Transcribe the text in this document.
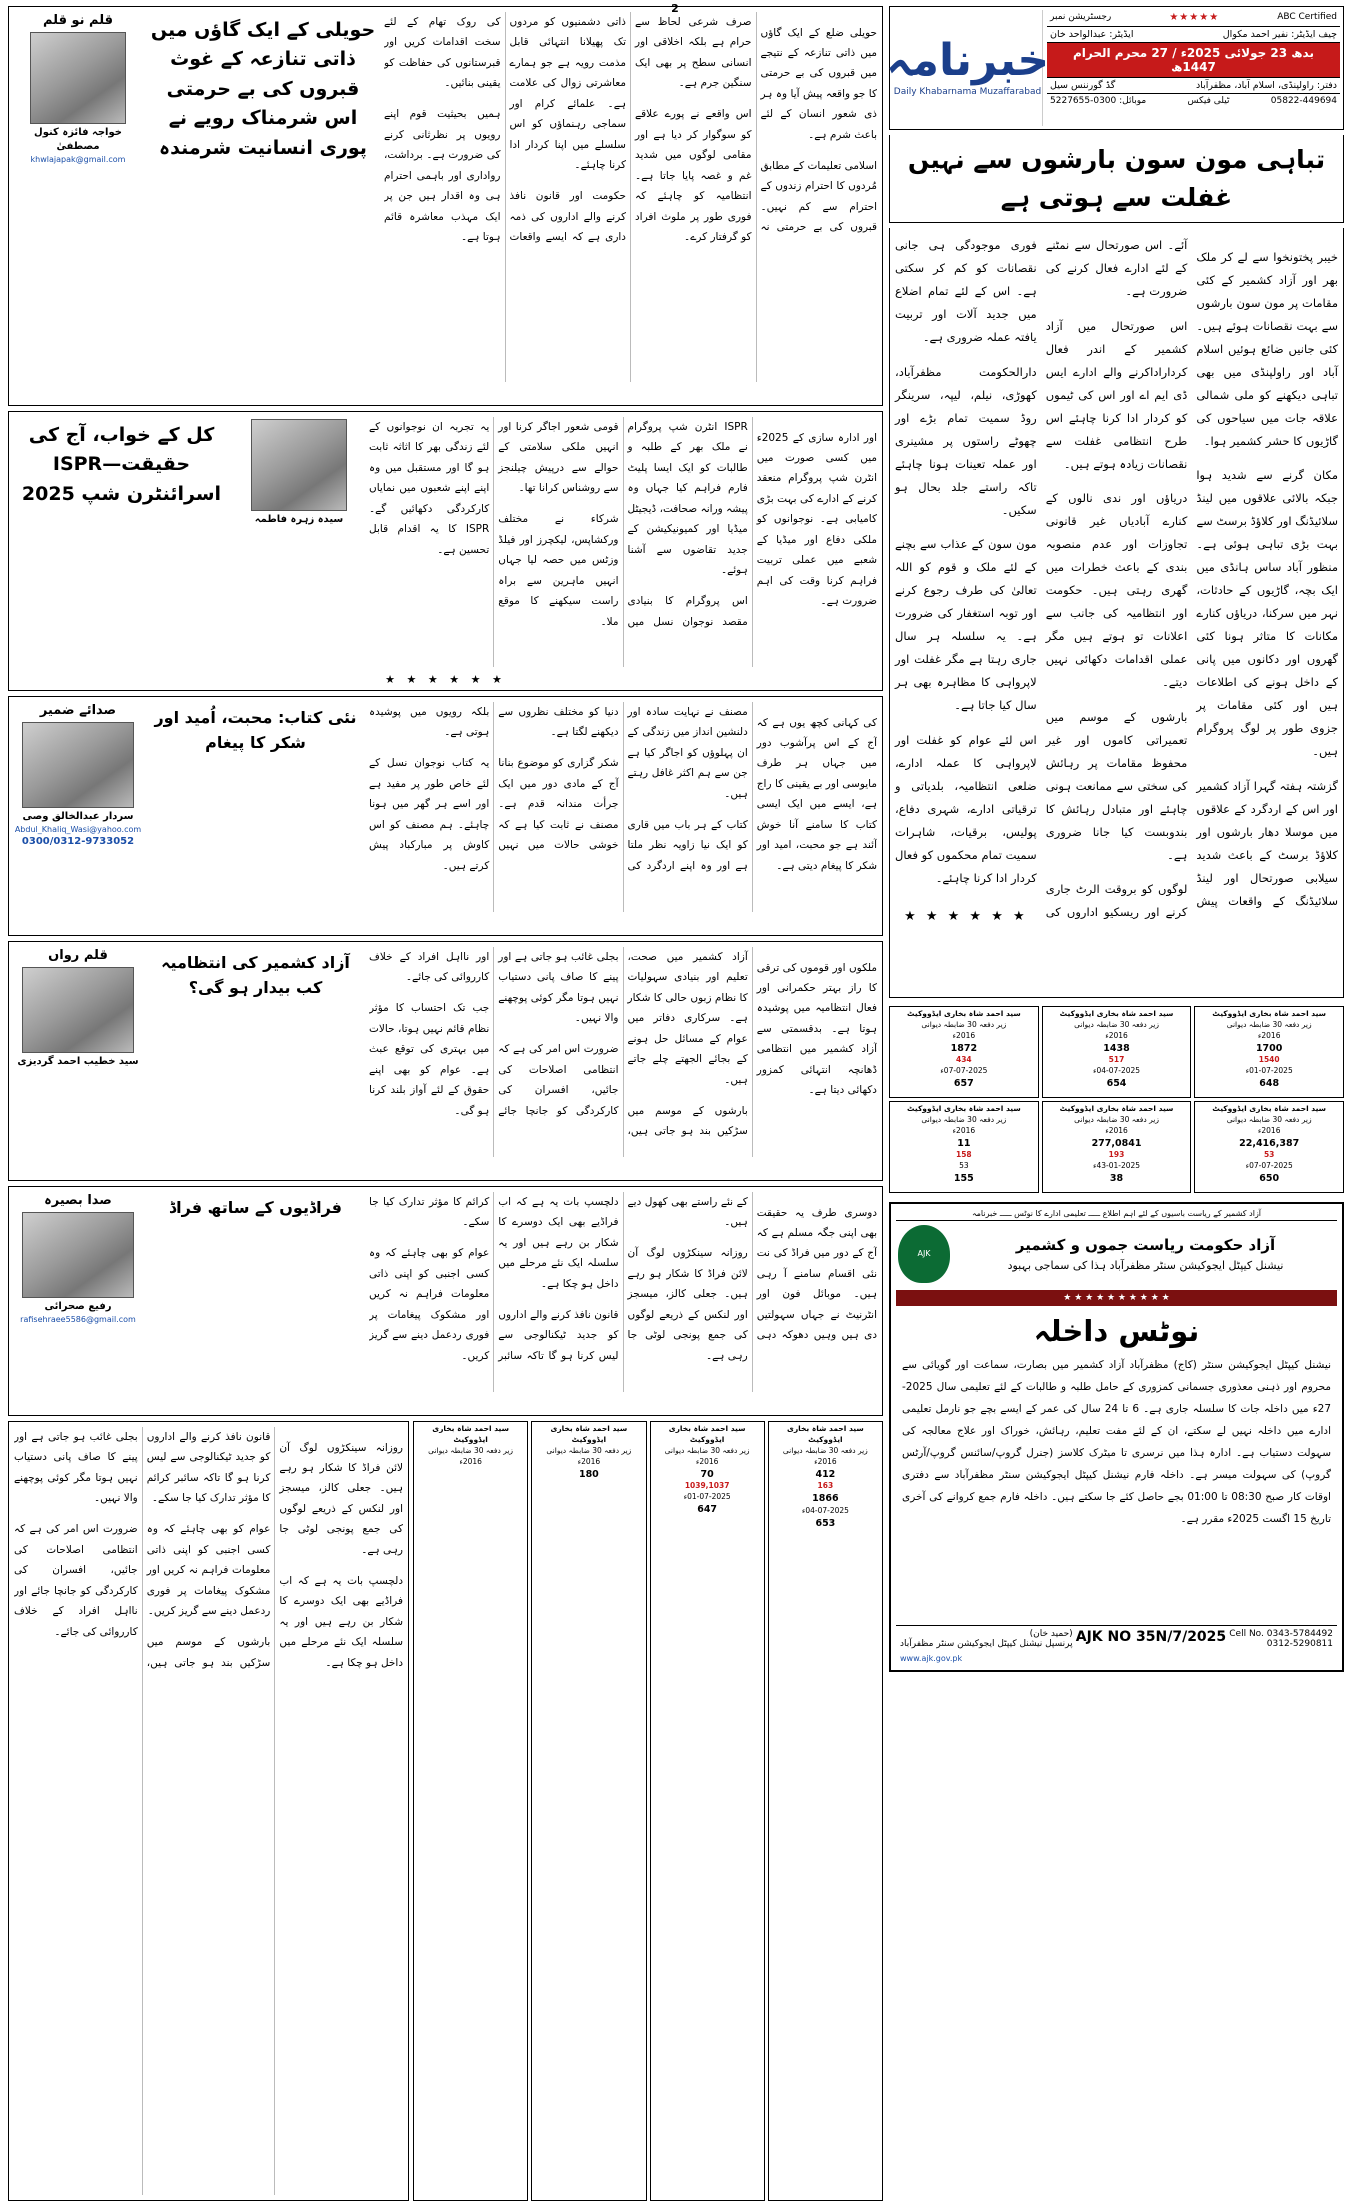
2
ABC Certified
★★★★★
رجسٹریشن نمبر
چیف ایڈیٹر: نفیر احمد مکوال
ایڈیٹر: عبدالواحد خان
بدھ 23 جولائی 2025ء / 27 محرم الحرام 1447ھ
دفتر: راولپنڈی، اسلام آباد، مظفرآباد
گڈ گورننس سیل
05822-449694
ٹیلی فیکس
موبائل: 0300-5227655
خبرنامہ
Daily Khabarnama Muzaffarabad
تباہی مون سون بارشوں سے نہیں غفلت سے ہوتی ہے

خیبر پختونخوا سے لے کر ملک بھر اور آزاد کشمیر کے کئی مقامات پر مون سون بارشوں سے بہت نقصانات ہوئے ہیں۔ کئی جانیں ضائع ہوئیں اسلام آباد اور راولپنڈی میں بھی تباہی دیکھنے کو ملی شمالی علاقہ جات میں سیاحوں کی گاڑیوں کا حشر کشمیر ہوا۔

مکان گرنے سے شدید ہوا جبکہ بالائی علاقوں میں لینڈ سلائیڈنگ اور کلاؤڈ برسٹ سے بہت بڑی تباہی ہوئی ہے۔ منظور آباد ساس ہانڈی میں ایک بچہ، گاڑیوں کے حادثات، نہر میں سرکنا، دریاؤں کنارے مکانات کا متاثر ہونا کئی گھروں اور دکانوں میں پانی کے داخل ہونے کی اطلاعات ہیں اور کئی مقامات پر جزوی طور پر لوگ پروگرام ہیں۔

گزشتہ ہفتہ گہرا آزاد کشمیر اور اس کے اردگرد کے علاقوں میں موسلا دھار بارشوں اور کلاؤڈ برسٹ کے باعث شدید سیلابی صورتحال اور لینڈ سلائیڈنگ کے واقعات پیش آئے۔ اس صورتحال سے نمٹنے کے لئے ادارے فعال کرنے کی ضرورت ہے۔

اس صورتحال میں آزاد کشمیر کے اندر فعال کرداراداکرنے والے ادارے ایس ڈی ایم اے اور اس کی ٹیموں کو کردار ادا کرنا چاہئے اس طرح انتظامی غفلت سے نقصانات زیادہ ہوتے ہیں۔

دریاؤں اور ندی نالوں کے کنارے آبادیاں غیر قانونی تجاوزات اور عدم منصوبہ بندی کے باعث خطرات میں گھری رہتی ہیں۔ حکومت اور انتظامیہ کی جانب سے اعلانات تو ہوتے ہیں مگر عملی اقدامات دکھائی نہیں دیتے۔

بارشوں کے موسم میں تعمیراتی کاموں اور غیر محفوظ مقامات پر رہائش کی سختی سے ممانعت ہونی چاہئے اور متبادل رہائش کا بندوبست کیا جانا ضروری ہے۔

لوگوں کو بروقت الرٹ جاری کرنے اور ریسکیو اداروں کی فوری موجودگی ہی جانی نقصانات کو کم کر سکتی ہے۔ اس کے لئے تمام اضلاع میں جدید آلات اور تربیت یافتہ عملہ ضروری ہے۔

دارالحکومت مظفرآباد، کھوڑی، نیلم، لیپہ، سرینگر روڈ سمیت تمام بڑے اور چھوٹے راستوں پر مشینری اور عملہ تعینات ہونا چاہئے تاکہ راستے جلد بحال ہو سکیں۔

مون سون کے عذاب سے بچنے کے لئے ملک و قوم کو اللہ تعالیٰ کی طرف رجوع کرنے اور توبہ استغفار کی ضرورت ہے۔ یہ سلسلہ ہر سال جاری رہتا ہے مگر غفلت اور لاپرواہی کا مظاہرہ بھی ہر سال کیا جاتا ہے۔

اس لئے عوام کو غفلت اور لاپرواہی کا عملہ ادارے، ضلعی انتظامیہ، بلدیاتی و ترقیاتی ادارے، شہری دفاع، پولیس، برقیات، شاہرات سمیت تمام محکموں کو فعال کردار ادا کرنا چاہئے۔

★ ★ ★ ★ ★ ★
سید احمد شاہ بخاری ایڈووکیٹ
زیر دفعہ 30 ضابطہ دیوانی
2016ء
1700
1540
01-07-2025ء
648
سید احمد شاہ بخاری ایڈووکیٹ
زیر دفعہ 30 ضابطہ دیوانی
2016ء
1438
517
04-07-2025ء
654
سید احمد شاہ بخاری ایڈووکیٹ
زیر دفعہ 30 ضابطہ دیوانی
2016ء
1872
434
07-07-2025ء
657
سید احمد شاہ بخاری ایڈووکیٹ
زیر دفعہ 30 ضابطہ دیوانی
2016ء
22,416,387
53
07-07-2025ء
650
سید احمد شاہ بخاری ایڈووکیٹ
زیر دفعہ 30 ضابطہ دیوانی
2016ء
277,0841
193
43-01-2025ء
38
سید احمد شاہ بخاری ایڈووکیٹ
زیر دفعہ 30 ضابطہ دیوانی
2016ء
11
158
53
155
آزاد کشمیر کے ریاست باسیوں کے لئے اہم اطلاع ـــــ تعلیمی ادارے کا نوٹس ـــــ خبرنامہ
آزاد حکومت ریاست جموں و کشمیر
نیشنل کیپٹل ایجوکیشن سنٹر مظفرآباد ہذا کی سماجی بہبود
AJK
★ ★ ★ ★ ★ ★ ★ ★ ★ ★
نوٹس داخلہ
نیشنل کیپٹل ایجوکیشن سنٹر (کاج) مظفرآباد آزاد کشمیر میں بصارت، سماعت اور گویائی سے محروم اور ذہنی معذوری جسمانی کمزوری کے حامل طلبہ و طالبات کے لئے تعلیمی سال 2025-27ء میں داخلہ جات کا سلسلہ جاری ہے۔ 6 تا 24 سال کی عمر کے ایسے بچے جو نارمل تعلیمی ادارے میں داخلہ نہیں لے سکتے، ان کے لئے مفت تعلیم، رہائش، خوراک اور علاج معالجہ کی سہولت دستیاب ہے۔ ادارہ ہذا میں نرسری تا میٹرک کلاسز (جنرل گروپ/سائنس گروپ/آرٹس گروپ) کی سہولت میسر ہے۔ داخلہ فارم نیشنل کیپٹل ایجوکیشن سنٹر مظفرآباد سے دفتری اوقات کار صبح 08:30 تا 01:00 بجے حاصل کئے جا سکتے ہیں۔ داخلہ فارم جمع کروانے کی آخری تاریخ 15 اگست 2025ء مقرر ہے۔
Cell No. 0343-5784492
0312-5290811
AJK NO 35N/7/2025
(حمید خان)
پرنسپل نیشنل کیپٹل ایجوکیشن سنٹر مظفرآباد
www.ajk.gov.pk

حویلی ضلع کے ایک گاؤں میں ذاتی تنازعہ کے نتیجے میں قبروں کی بے حرمتی کا جو واقعہ پیش آیا وہ ہر ذی شعور انسان کے لئے باعث شرم ہے۔

اسلامی تعلیمات کے مطابق مُردوں کا احترام زندوں کے احترام سے کم نہیں۔ قبروں کی بے حرمتی نہ صرف شرعی لحاظ سے حرام ہے بلکہ اخلاقی اور انسانی سطح پر بھی ایک سنگین جرم ہے۔

اس واقعے نے پورے علاقے کو سوگوار کر دیا ہے اور مقامی لوگوں میں شدید غم و غصہ پایا جاتا ہے۔ انتظامیہ کو چاہئے کہ فوری طور پر ملوث افراد کو گرفتار کرے۔

ذاتی دشمنیوں کو مردوں تک پھیلانا انتہائی قابل مذمت رویہ ہے جو ہمارے معاشرتی زوال کی علامت ہے۔ علمائے کرام اور سماجی رہنماؤں کو اس سلسلے میں اپنا کردار ادا کرنا چاہئے۔

حکومت اور قانون نافذ کرنے والے اداروں کی ذمہ داری ہے کہ ایسے واقعات کی روک تھام کے لئے سخت اقدامات کریں اور قبرستانوں کی حفاظت کو یقینی بنائیں۔

ہمیں بحیثیت قوم اپنے رویوں پر نظرثانی کرنے کی ضرورت ہے۔ برداشت، رواداری اور باہمی احترام ہی وہ اقدار ہیں جن پر ایک مہذب معاشرہ قائم ہوتا ہے۔

حویلی کے ایک گاؤں میں ذاتی تنازعہ کے غوث قبروں کی بے حرمتی اس شرمناک رویے نے پوری انسانیت شرمندہ
قلم نو قلم
خواجہ فائزہ کنول مصطفیٰ
khwlajapak@gmail.com

اور ادارہ سازی کے 2025ء میں کسی صورت میں انٹرن شپ پروگرام منعقد کرنے کے ادارے کی بہت بڑی کامیابی ہے۔ نوجوانوں کو ملکی دفاع اور میڈیا کے شعبے میں عملی تربیت فراہم کرنا وقت کی اہم ضرورت ہے۔

ISPR انٹرن شپ پروگرام نے ملک بھر کے طلبہ و طالبات کو ایک ایسا پلیٹ فارم فراہم کیا جہاں وہ پیشہ ورانہ صحافت، ڈیجیٹل میڈیا اور کمیونیکیشن کے جدید تقاضوں سے آشنا ہوئے۔

اس پروگرام کا بنیادی مقصد نوجوان نسل میں قومی شعور اجاگر کرنا اور انہیں ملکی سلامتی کے حوالے سے درپیش چیلنجز سے روشناس کرانا تھا۔

شرکاء نے مختلف ورکشاپس، لیکچرز اور فیلڈ وزٹس میں حصہ لیا جہاں انہیں ماہرین سے براہ راست سیکھنے کا موقع ملا۔

یہ تجربہ ان نوجوانوں کے لئے زندگی بھر کا اثاثہ ثابت ہو گا اور مستقبل میں وہ اپنے اپنے شعبوں میں نمایاں کارکردگی دکھائیں گے۔ ISPR کا یہ اقدام قابل تحسین ہے۔

سیدہ زہرہ فاطمہ
کل کے خواب، آج کی حقیقت—ISPR اسرائنٹرن شپ 2025
★ ★ ★ ★ ★ ★

کی کہانی کچھ یوں ہے کہ آج کے اس پرآشوب دور میں جہاں ہر طرف مایوسی اور بے یقینی کا راج ہے، ایسے میں ایک ایسی کتاب کا سامنے آنا خوش آئند ہے جو محبت، امید اور شکر کا پیغام دیتی ہے۔

مصنف نے نہایت سادہ اور دلنشین انداز میں زندگی کے ان پہلوؤں کو اجاگر کیا ہے جن سے ہم اکثر غافل رہتے ہیں۔

کتاب کے ہر باب میں قاری کو ایک نیا زاویہ نظر ملتا ہے اور وہ اپنے اردگرد کی دنیا کو مختلف نظروں سے دیکھنے لگتا ہے۔

شکر گزاری کو موضوع بنانا آج کے مادی دور میں ایک جرأت مندانہ قدم ہے۔ مصنف نے ثابت کیا ہے کہ خوشی حالات میں نہیں بلکہ رویوں میں پوشیدہ ہوتی ہے۔

یہ کتاب نوجوان نسل کے لئے خاص طور پر مفید ہے اور اسے ہر گھر میں ہونا چاہئے۔ ہم مصنف کو اس کاوش پر مبارکباد پیش کرتے ہیں۔

نئی کتاب: محبت، اُمید اور شکر کا پیغام
صدائے ضمیر
سردار عبدالخالق وصی
Abdul_Khaliq_Wasi@yahoo.com
0300/0312-9733052

ملکوں اور قوموں کی ترقی کا راز بہتر حکمرانی اور فعال انتظامیہ میں پوشیدہ ہوتا ہے۔ بدقسمتی سے آزاد کشمیر میں انتظامی ڈھانچہ انتہائی کمزور دکھائی دیتا ہے۔

آزاد کشمیر میں صحت، تعلیم اور بنیادی سہولیات کا نظام زبوں حالی کا شکار ہے۔ سرکاری دفاتر میں عوام کے مسائل حل ہونے کے بجائے الجھتے چلے جاتے ہیں۔

بارشوں کے موسم میں سڑکیں بند ہو جاتی ہیں، بجلی غائب ہو جاتی ہے اور پینے کا صاف پانی دستیاب نہیں ہوتا مگر کوئی پوچھنے والا نہیں۔

ضرورت اس امر کی ہے کہ انتظامی اصلاحات کی جائیں، افسران کی کارکردگی کو جانچا جائے اور نااہل افراد کے خلاف کارروائی کی جائے۔

جب تک احتساب کا مؤثر نظام قائم نہیں ہوتا، حالات میں بہتری کی توقع عبث ہے۔ عوام کو بھی اپنے حقوق کے لئے آواز بلند کرنا ہو گی۔

آزاد کشمیر کی انتظامیہ کب بیدار ہو گی؟
قلم رواں
سید خطیب احمد گردیزی

دوسری طرف یہ حقیقت بھی اپنی جگہ مسلم ہے کہ آج کے دور میں فراڈ کی نت نئی اقسام سامنے آ رہی ہیں۔ موبائل فون اور انٹرنیٹ نے جہاں سہولتیں دی ہیں وہیں دھوکہ دہی کے نئے راستے بھی کھول دیے ہیں۔

روزانہ سینکڑوں لوگ آن لائن فراڈ کا شکار ہو رہے ہیں۔ جعلی کالز، میسجز اور لنکس کے ذریعے لوگوں کی جمع پونجی لوٹی جا رہی ہے۔

دلچسپ بات یہ ہے کہ اب فراڈیے بھی ایک دوسرے کا شکار بن رہے ہیں اور یہ سلسلہ ایک نئے مرحلے میں داخل ہو چکا ہے۔

قانون نافذ کرنے والے اداروں کو جدید ٹیکنالوجی سے لیس کرنا ہو گا تاکہ سائبر کرائم کا مؤثر تدارک کیا جا سکے۔

عوام کو بھی چاہئے کہ وہ کسی اجنبی کو اپنی ذاتی معلومات فراہم نہ کریں اور مشکوک پیغامات پر فوری ردعمل دینے سے گریز کریں۔

فراڈیوں کے ساتھ فراڈ
صدا بصیرہ
رفیع صحرائی
rafisehraee5586@gmail.com
سید احمد شاہ بخاری ایڈووکیٹ
زیر دفعہ 30 ضابطہ دیوانی
2016ء
412
163
1866
04-07-2025ء
653
سید احمد شاہ بخاری ایڈووکیٹ
زیر دفعہ 30 ضابطہ دیوانی
2016ء
70
1039,1037
01-07-2025ء
647
سید احمد شاہ بخاری ایڈووکیٹ
زیر دفعہ 30 ضابطہ دیوانی
2016ء
180
سید احمد شاہ بخاری ایڈووکیٹ
زیر دفعہ 30 ضابطہ دیوانی
2016ء

روزانہ سینکڑوں لوگ آن لائن فراڈ کا شکار ہو رہے ہیں۔ جعلی کالز، میسجز اور لنکس کے ذریعے لوگوں کی جمع پونجی لوٹی جا رہی ہے۔

دلچسپ بات یہ ہے کہ اب فراڈیے بھی ایک دوسرے کا شکار بن رہے ہیں اور یہ سلسلہ ایک نئے مرحلے میں داخل ہو چکا ہے۔

قانون نافذ کرنے والے اداروں کو جدید ٹیکنالوجی سے لیس کرنا ہو گا تاکہ سائبر کرائم کا مؤثر تدارک کیا جا سکے۔

عوام کو بھی چاہئے کہ وہ کسی اجنبی کو اپنی ذاتی معلومات فراہم نہ کریں اور مشکوک پیغامات پر فوری ردعمل دینے سے گریز کریں۔

بارشوں کے موسم میں سڑکیں بند ہو جاتی ہیں، بجلی غائب ہو جاتی ہے اور پینے کا صاف پانی دستیاب نہیں ہوتا مگر کوئی پوچھنے والا نہیں۔

ضرورت اس امر کی ہے کہ انتظامی اصلاحات کی جائیں، افسران کی کارکردگی کو جانچا جائے اور نااہل افراد کے خلاف کارروائی کی جائے۔
